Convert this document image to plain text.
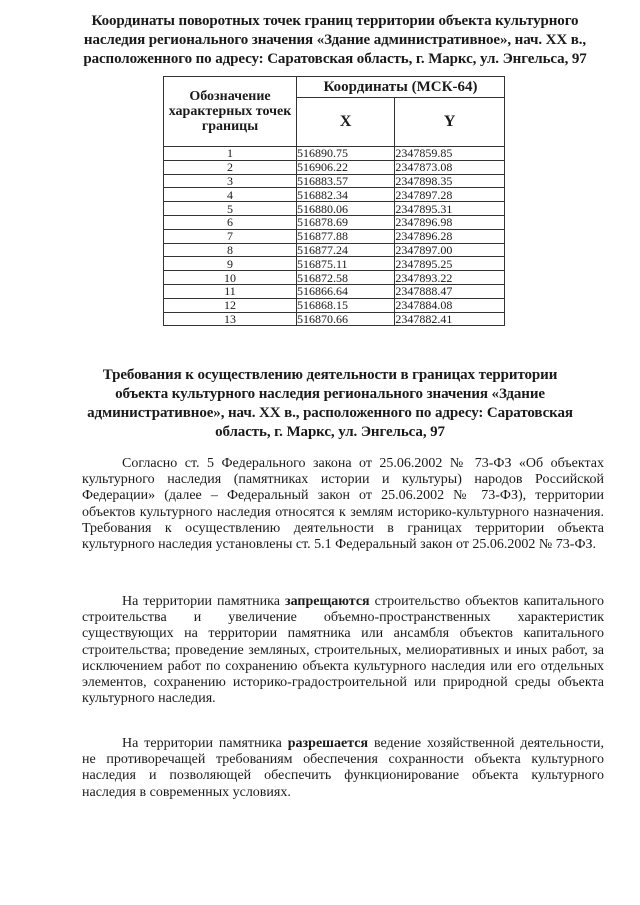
Координаты поворотных точек границ территории объекта культурного
наследия регионального значения «Здание административное», нач. XX в.,
расположенного по адресу: Саратовская область, г. Маркс, ул. Энгельса, 97
Обозначение характерных точек границы	Координаты (МСК-64)	
	X	Y
1	516890.75	2347859.85
2	516906.22	2347873.08
3	516883.57	2347898.35
4	516882.34	2347897.28
5	516880.06	2347895.31
6	516878.69	2347896.98
7	516877.88	2347896.28
8	516877.24	2347897.00
9	516875.11	2347895.25
10	516872.58	2347893.22
11	516866.64	2347888.47
12	516868.15	2347884.08
13	516870.66	2347882.41
Требования к осуществлению деятельности в границах территории
объекта культурного наследия регионального значения «Здание
административное», нач. XX в., расположенного по адресу: Саратовская
область, г. Маркс, ул. Энгельса, 97

Согласно ст. 5 Федерального закона от 25.06.2002 № 73-ФЗ «Об объектах культурного наследия (памятниках истории и культуры) народов Российской Федерации» (далее – Федеральный закон от 25.06.2002 № 73-ФЗ), территории объектов культурного наследия относятся к землям историко-культурного назначения. Требования к осуществлению деятельности в границах территории объекта культурного наследия установлены ст. 5.1 Федеральный закон от 25.06.2002 № 73-ФЗ.

На территории памятника запрещаются строительство объектов капитального строительства и увеличение объемно-пространственных характеристик существующих на территории памятника или ансамбля объектов капитального строительства; проведение земляных, строительных, мелиоративных и иных работ, за исключением работ по сохранению объекта культурного наследия или его отдельных элементов, сохранению историко-градостроительной или природной среды объекта культурного наследия.

На территории памятника разрешается ведение хозяйственной деятельности, не противоречащей требованиям обеспечения сохранности объекта культурного наследия и позволяющей обеспечить функционирование объекта культурного наследия в современных условиях.
